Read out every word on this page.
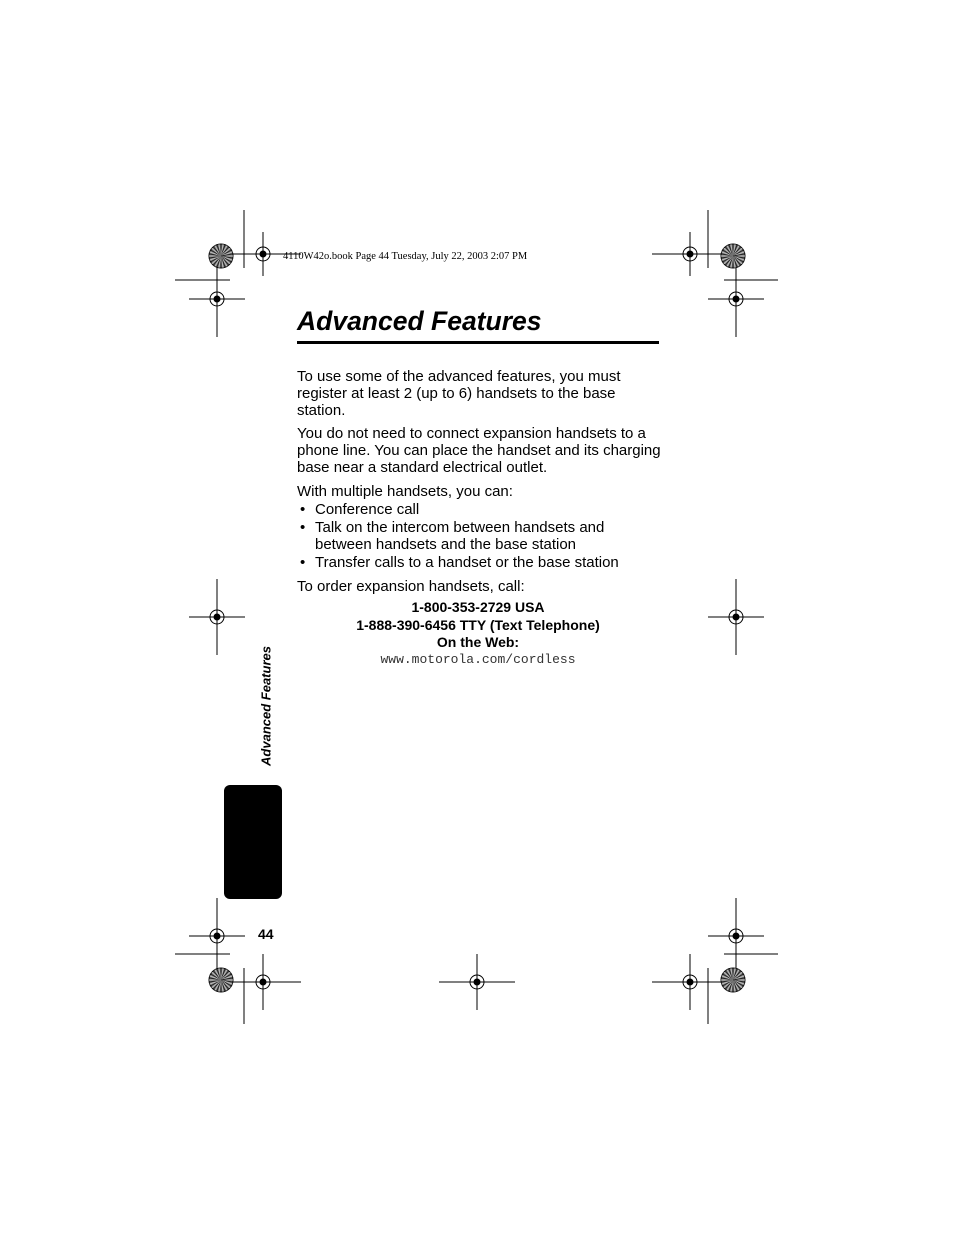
4110W42o.book Page 44 Tuesday, July 22, 2003 2:07 PM
Advanced Features
To use some of the advanced features, you must register at least 2 (up to 6) handsets to the base station.
You do not need to connect expansion handsets to a phone line. You can place the handset and its charging base near a standard electrical outlet.
With multiple handsets, you can:
• Conference call
• Talk on the intercom between handsets and between handsets and the base station
• Transfer calls to a handset or the base station
To order expansion handsets, call:
1-800-353-2729 USA
1-888-390-6456 TTY (Text Telephone)
On the Web:
www.motorola.com/cordless
Advanced Features
44
